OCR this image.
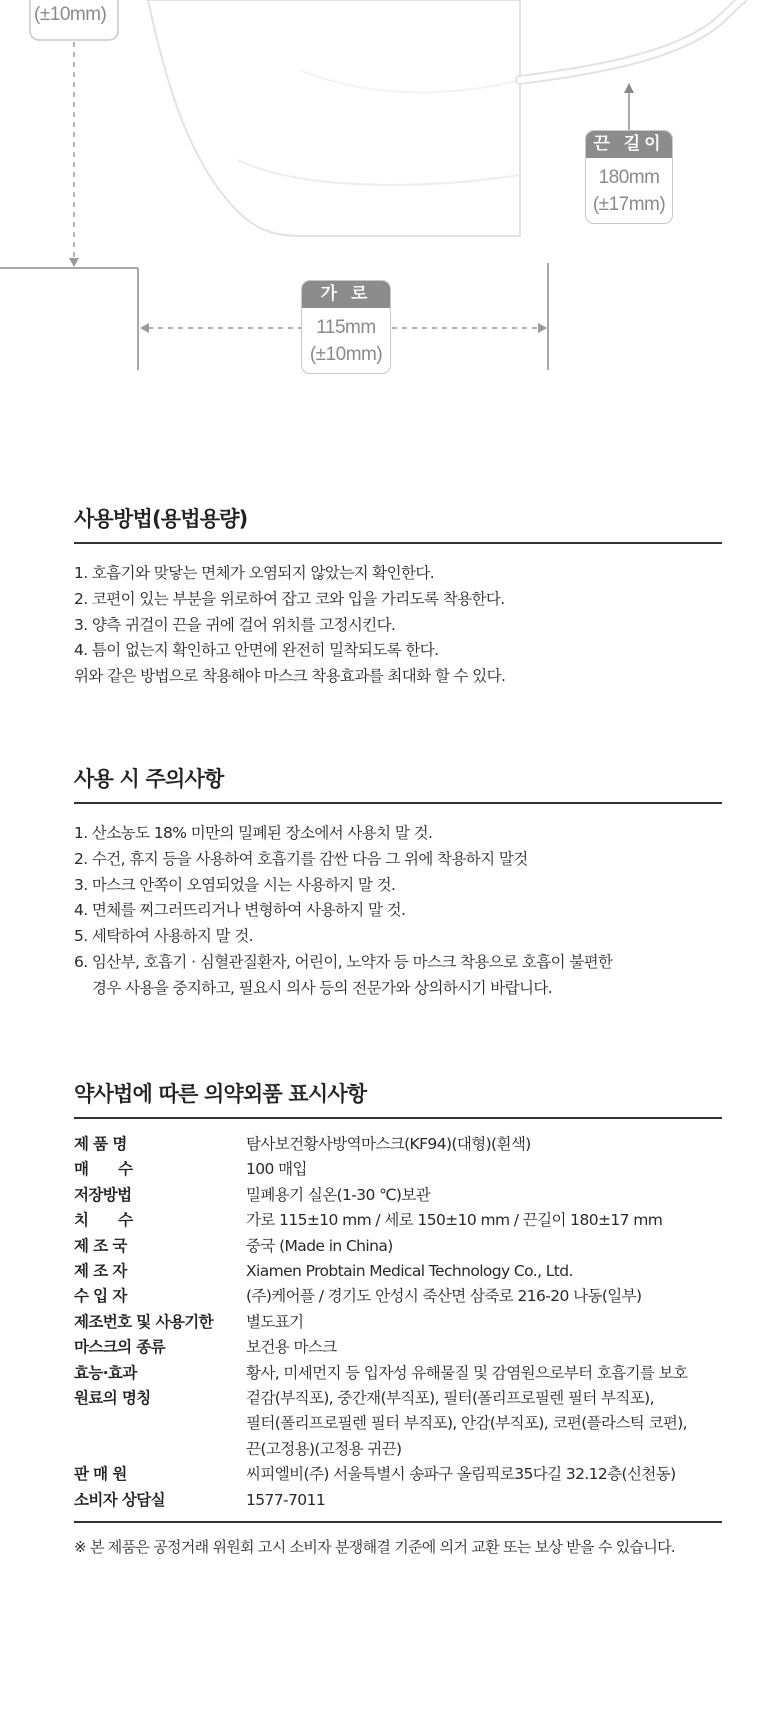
(±10mm)
끈 길이
180mm
(±17mm)
가 로
115mm
(±10mm)
사용방법(용법용량)
1. 호흡기와 맞닿는 면체가 오염되지 않았는지 확인한다.
2. 코편이 있는 부분을 위로하여 잡고 코와 입을 가리도록 착용한다.
3. 양측 귀걸이 끈을 귀에 걸어 위치를 고정시킨다.
4. 틈이 없는지 확인하고 안면에 완전히 밀착되도록 한다.
위와 같은 방법으로 착용해야 마스크 착용효과를 최대화 할 수 있다.
사용 시 주의사항
1. 산소농도 18% 미만의 밀폐된 장소에서 사용치 말 것.
2. 수건, 휴지 등을 사용하여 호흡기를 감싼 다음 그 위에 착용하지 말것
3. 마스크 안쪽이 오염되었을 시는 사용하지 말 것.
4. 면체를 찌그러뜨리거나 변형하여 사용하지 말 것.
5. 세탁하여 사용하지 말 것.
6. 임산부, 호흡기 · 심혈관질환자, 어린이, 노약자 등 마스크 착용으로 호흡이 불편한
경우 사용을 중지하고, 필요시 의사 등의 전문가와 상의하시기 바랍니다.
약사법에 따른 의약외품 표시사항
제 품 명	탐사보건황사방역마스크(KF94)(대형)(흰색)
매　　수	100 매입
저장방법	밀폐용기 실온(1-30 ℃)보관
치　　수	가로 115±10 mm / 세로 150±10 mm / 끈길이 180±17 mm
제 조 국	중국 (Made in China)
제 조 자	Xiamen Probtain Medical Technology Co., Ltd.
수 입 자	(주)케어플 / 경기도 안성시 죽산면 삼죽로 216-20 나동(일부)
제조번호 및 사용기한	별도표기
마스크의 종류	보건용 마스크
효능·효과	황사, 미세먼지 등 입자성 유해물질 및 감염원으로부터 호흡기를 보호
원료의 명칭	겉감(부직포), 중간재(부직포), 필터(폴리프로필렌 필터 부직포),
필터(폴리프로필렌 필터 부직포), 안감(부직포), 코편(플라스틱 코편),
끈(고정용)(고정용 귀끈)
판 매 원	씨피엘비(주) 서울특별시 송파구 올림픽로35다길 32.12층(신천동)
소비자 상담실	1577-7011
※ 본 제품은 공정거래 위원회 고시 소비자 분쟁해결 기준에 의거 교환 또는 보상 받을 수 있습니다.
